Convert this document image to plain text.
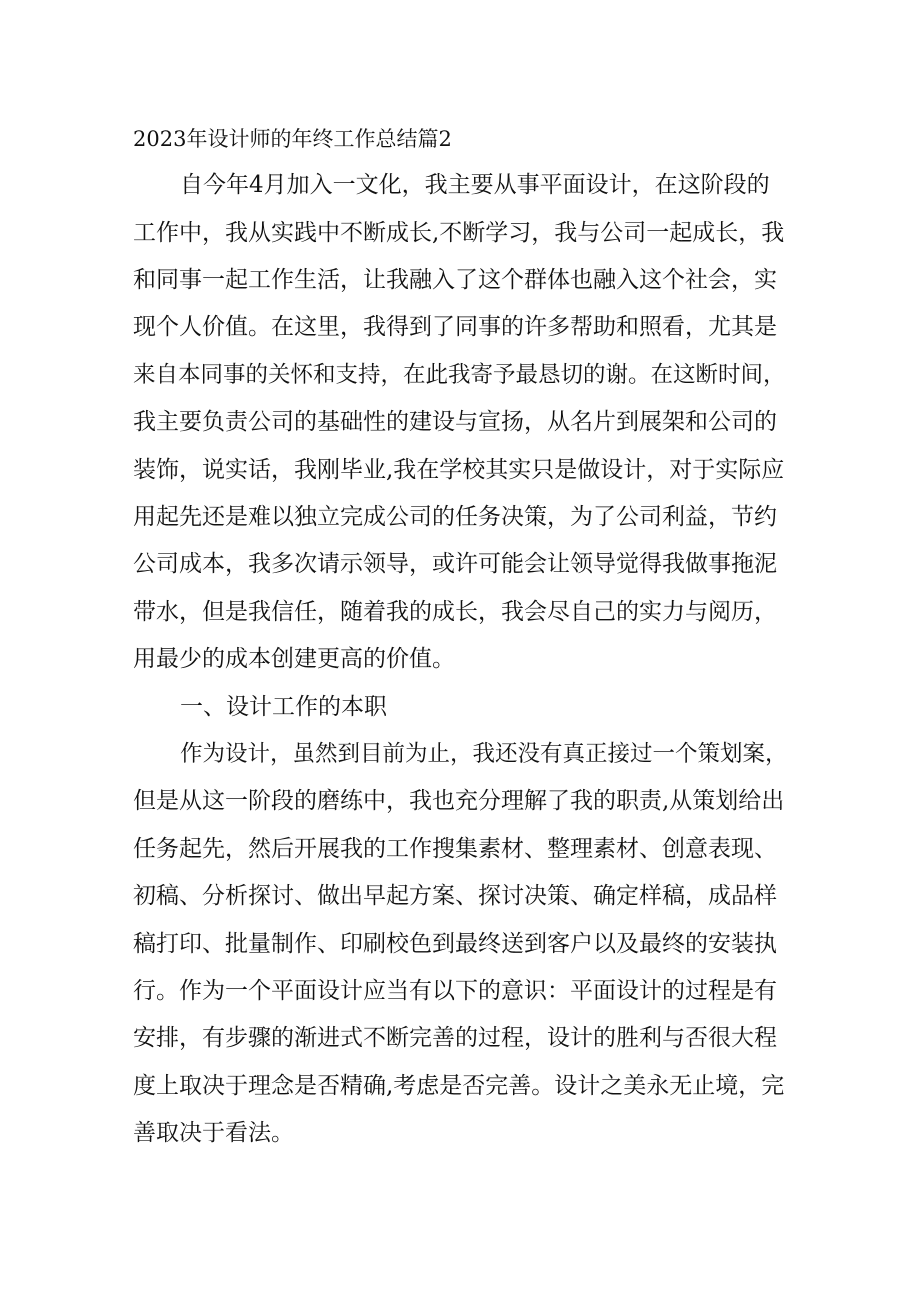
2023年设计师的年终工作总结篇2
自今年4月加入一文化，我主要从事平面设计，在这阶段的
工作中，我从实践中不断成长,不断学习，我与公司一起成长，我
和同事一起工作生活，让我融入了这个群体也融入这个社会，实
现个人价值。在这里，我得到了同事的许多帮助和照看，尤其是
来自本同事的关怀和支持，在此我寄予最恳切的谢。在这断时间，
我主要负责公司的基础性的建设与宣扬，从名片到展架和公司的
装饰，说实话，我刚毕业,我在学校其实只是做设计，对于实际应
用起先还是难以独立完成公司的任务决策，为了公司利益，节约
公司成本，我多次请示领导，或许可能会让领导觉得我做事拖泥
带水，但是我信任，随着我的成长，我会尽自己的实力与阅历，
用最少的成本创建更高的价值。
一、设计工作的本职
作为设计，虽然到目前为止，我还没有真正接过一个策划案，
但是从这一阶段的磨练中，我也充分理解了我的职责,从策划给出
任务起先，然后开展我的工作搜集素材、整理素材、创意表现、
初稿、分析探讨、做出早起方案、探讨决策、确定样稿，成品样
稿打印、批量制作、印刷校色到最终送到客户以及最终的安装执
行。作为一个平面设计应当有以下的意识：平面设计的过程是有
安排，有步骤的渐进式不断完善的过程，设计的胜利与否很大程
度上取决于理念是否精确,考虑是否完善。设计之美永无止境，完
善取决于看法。
